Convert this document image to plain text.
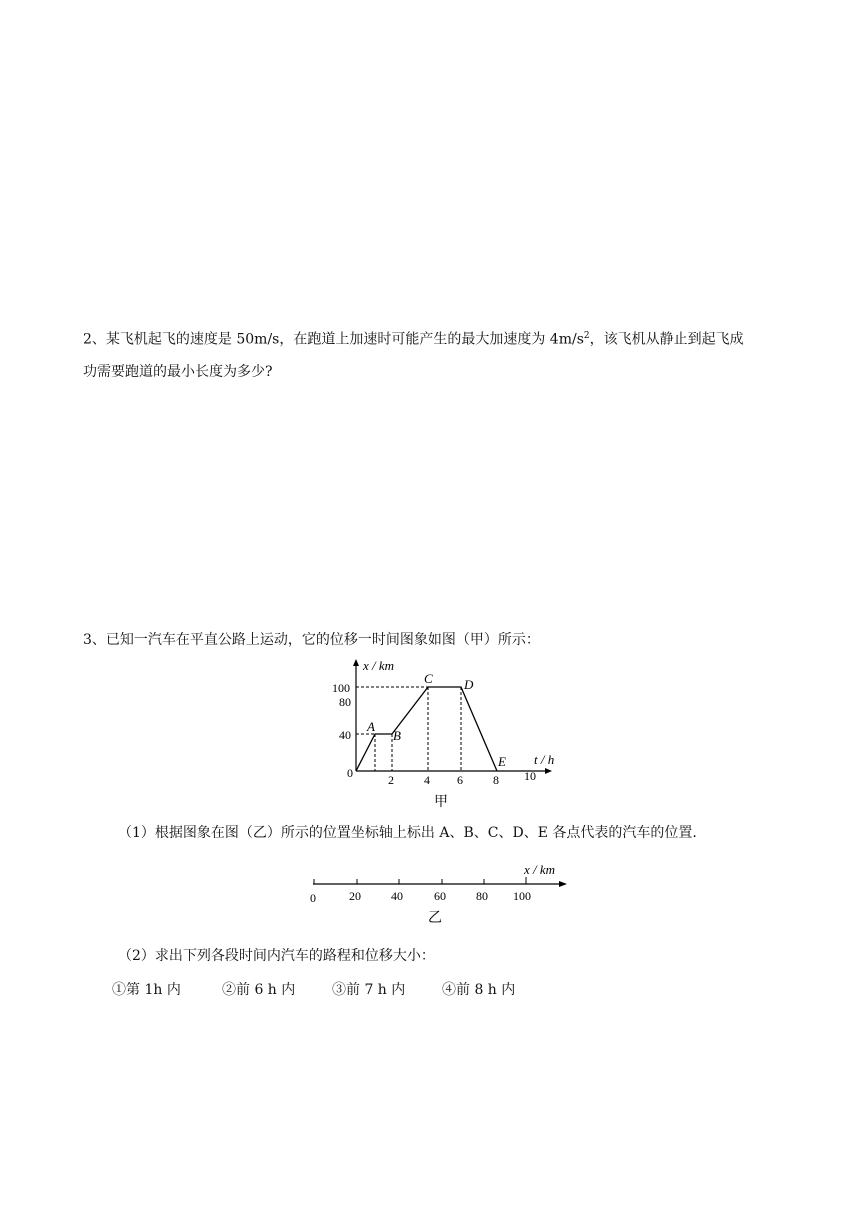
2、某飞机起飞的速度是 50m/s，在跑道上加速时可能产生的最大加速度为 $4m/s^2$，该飞机从静止到起飞成
功需要跑道的最小长度为多少?
3、已知一汽车在平直公路上运动，它的位移一时间图象如图（甲）所示：
x / km
t / h
100
80
40
0	2	4 6	8 10
A
B
C D
E
甲
（1）根据图象在图（乙）所示的位置坐标轴上标出 A、B、C、D、E 各点代表的汽车的位置.
x / km
0	20	40	60	80 100
乙
（2）求出下列各段时间内汽车的路程和位移大小：
①第 1h 内	②前 6 h 内	③前 7 h 内	④前 8 h 内
